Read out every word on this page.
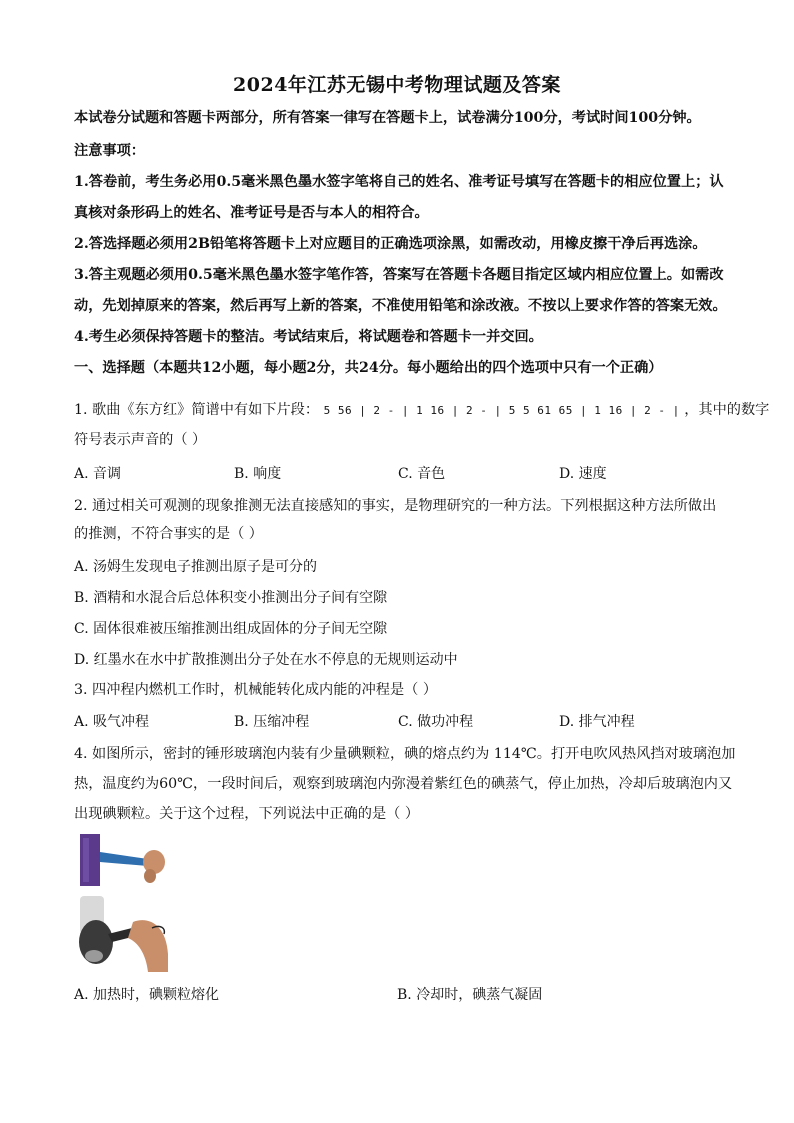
2024年江苏无锡中考物理试题及答案
本试卷分试题和答题卡两部分，所有答案一律写在答题卡上，试卷满分100分，考试时间100分钟。
注意事项：
1.答卷前，考生务必用0.5毫米黑色墨水签字笔将自己的姓名、准考证号填写在答题卡的相应位置上；认
真核对条形码上的姓名、准考证号是否与本人的相符合。
2.答选择题必须用2B铅笔将答题卡上对应题目的正确选项涂黑，如需改动，用橡皮擦干净后再选涂。
3.答主观题必须用0.5毫米黑色墨水签字笔作答，答案写在答题卡各题目指定区域内相应位置上。如需改
动，先划掉原来的答案，然后再写上新的答案，不准使用铅笔和涂改液。不按以上要求作答的答案无效。
4.考生必须保持答题卡的整洁。考试结束后，将试题卷和答题卡一并交回。
一、选择题（本题共12小题，每小题2分，共24分。每小题给出的四个选项中只有一个正确）
1. 歌曲《东方红》简谱中有如下片段： 5 56 | 2 - | 1 16 | 2 - | 5 5 61 65 | 1 16 | 2 - | ，其中的数字
符号表示声音的（ ）
A. 音调	B. 响度	C. 音色	D. 速度
2. 通过相关可观测的现象推测无法直接感知的事实，是物理研究的一种方法。下列根据这种方法所做出
的推测，不符合事实的是（ ）
A. 汤姆生发现电子推测出原子是可分的
B. 酒精和水混合后总体积变小推测出分子间有空隙
C. 固体很难被压缩推测出组成固体的分子间无空隙
D. 红墨水在水中扩散推测出分子处在水不停息的无规则运动中
3. 四冲程内燃机工作时，机械能转化成内能的冲程是（ ）
A. 吸气冲程	B. 压缩冲程	C. 做功冲程	D. 排气冲程
4. 如图所示，密封的锤形玻璃泡内装有少量碘颗粒，碘的熔点约为 114℃。打开电吹风热风挡对玻璃泡加
热，温度约为60℃，一段时间后，观察到玻璃泡内弥漫着紫红色的碘蒸气，停止加热，冷却后玻璃泡内又
出现碘颗粒。关于这个过程，下列说法中正确的是（ ）
A. 加热时，碘颗粒熔化	B. 冷却时，碘蒸气凝固
